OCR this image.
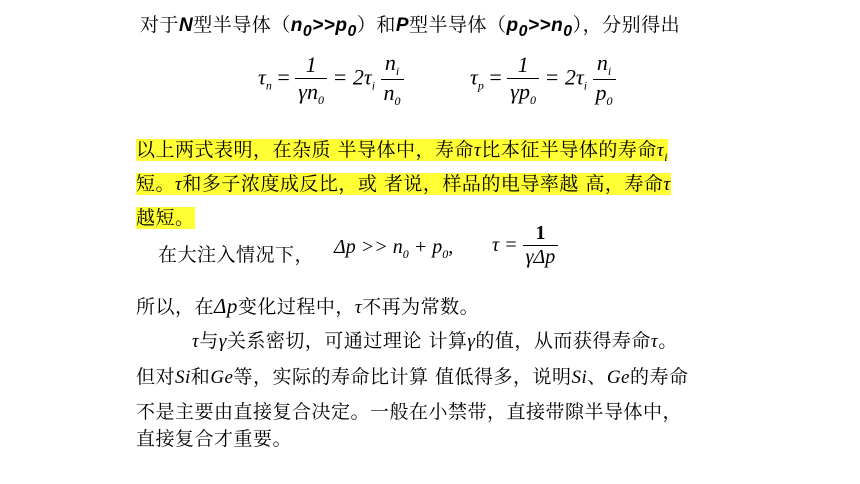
对于N型半导体$(n_0>>p_0)$和P型半导体$(p_0>>n_0)$，分别得出
$\tau_n = \frac{1}{\gamma n_0} = 2\tau_i \frac{n_i}{n_0}$	$\tau_p = \frac{1}{\gamma p_0} = 2\tau_i \frac{n_i}{p_0}$
以上两式表明，在杂质 半导体中，寿命τ比本征半导体的寿命$\tau_i$
短。τ和多子浓度成反比，或 者说，样品的电导率越 高，寿命τ
越短。
在大注入情况下， $\Delta p >> n_0 + p_0$, $\tau = \frac{1}{\text{γΔp}}$
所以，在Δp变化过程中，τ不再为常数。
τ与γ关系密切，可通过理论 计算γ的值，从而获得寿命τ。
但对Si和Ge等，实际的寿命比计算 值低得多，说明Si、Ge的寿命
不是主要由直接复合决定。一般在小禁带，直接带隙半导体中，
直接复合才重要。
